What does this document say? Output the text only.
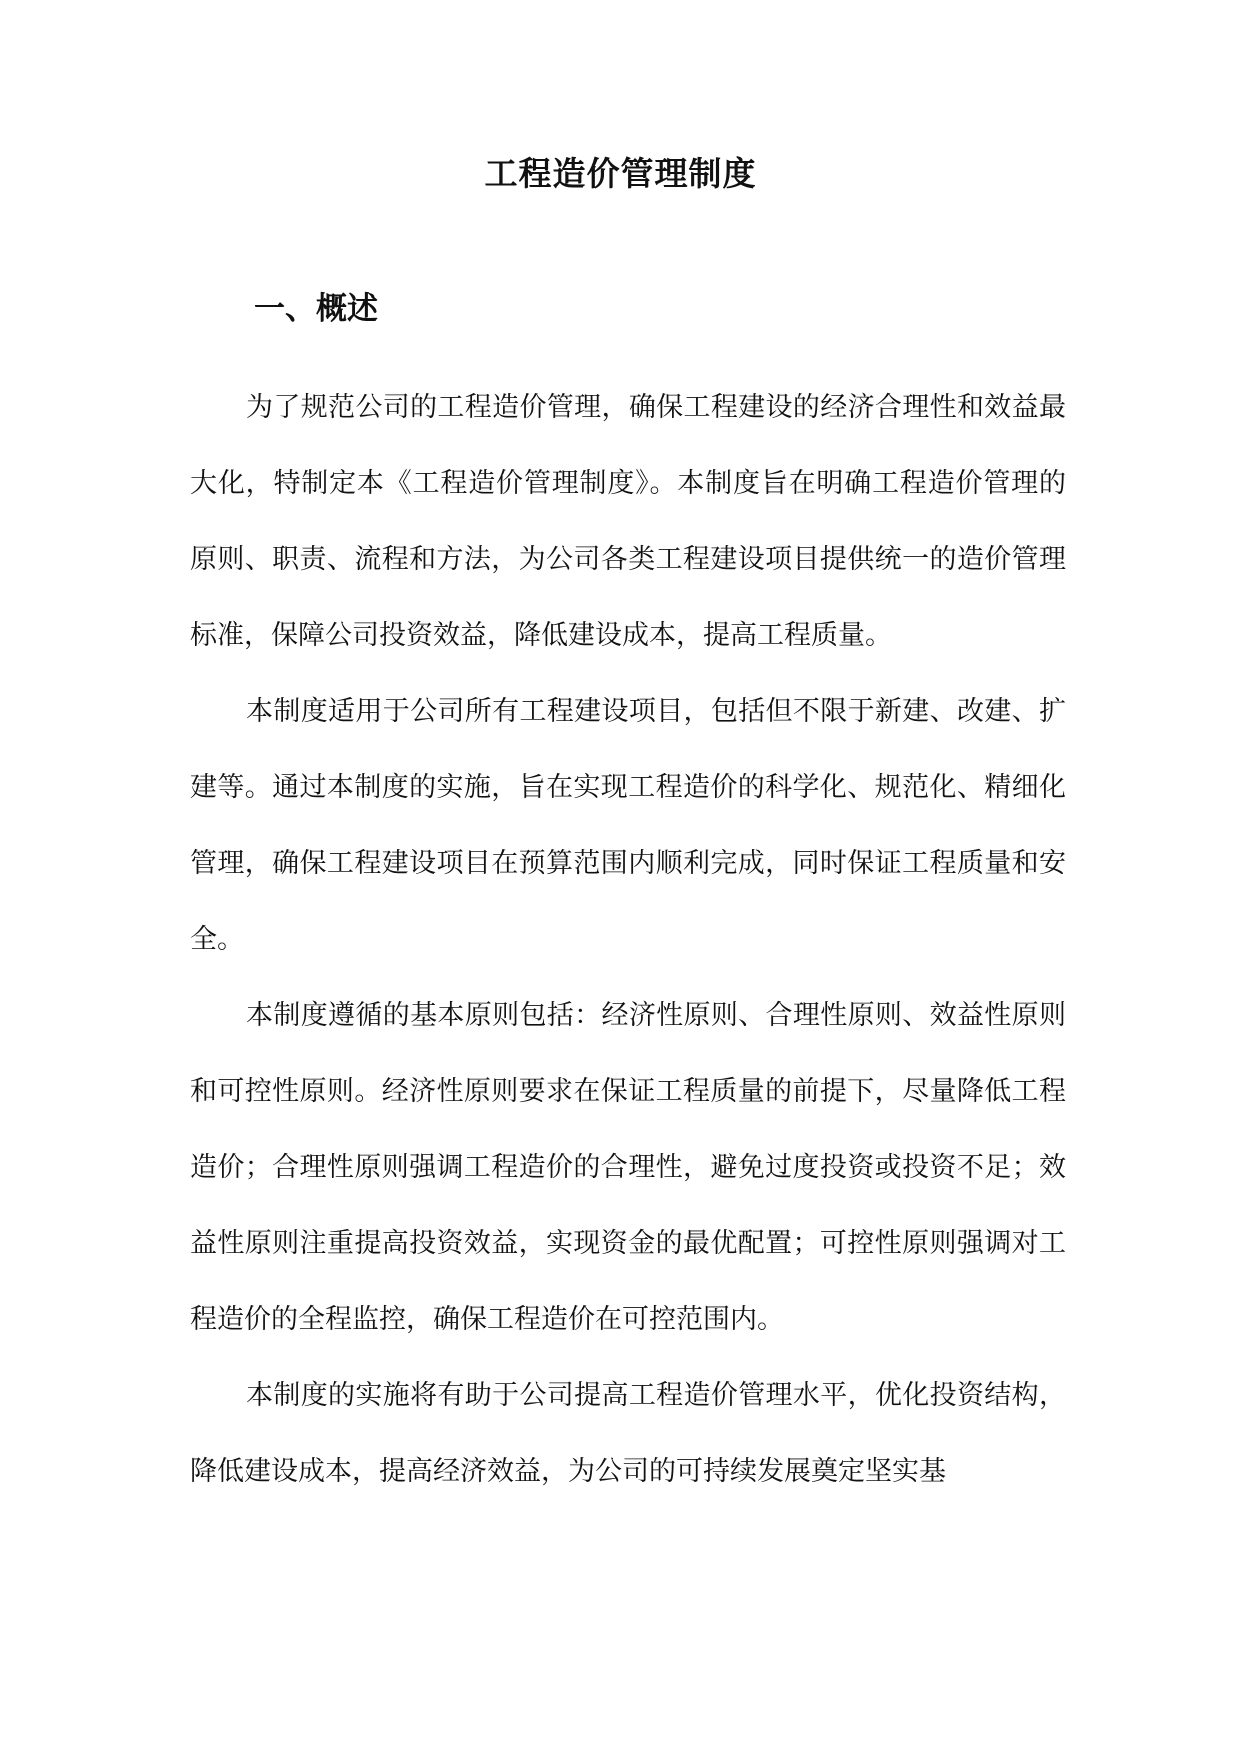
工程造价管理制度
一、概述

为了规范公司的工程造价管理，确保工程建设的经济合理性和效益最大化，特制定本《工程造价管理制度》。本制度旨在明确工程造价管理的原则、职责、流程和方法，为公司各类工程建设项目提供统一的造价管理标准，保障公司投资效益，降低建设成本，提高工程质量。

本制度适用于公司所有工程建设项目，包括但不限于新建、改建、扩建等。通过本制度的实施，旨在实现工程造价的科学化、规范化、精细化管理，确保工程建设项目在预算范围内顺利完成，同时保证工程质量和安全。

本制度遵循的基本原则包括：经济性原则、合理性原则、效益性原则和可控性原则。经济性原则要求在保证工程质量的前提下，尽量降低工程造价；合理性原则强调工程造价的合理性，避免过度投资或投资不足；效益性原则注重提高投资效益，实现资金的最优配置；可控性原则强调对工程造价的全程监控，确保工程造价在可控范围内。

本制度的实施将有助于公司提高工程造价管理水平，优化投资结构，降低建设成本，提高经济效益，为公司的可持续发展奠定坚实基
